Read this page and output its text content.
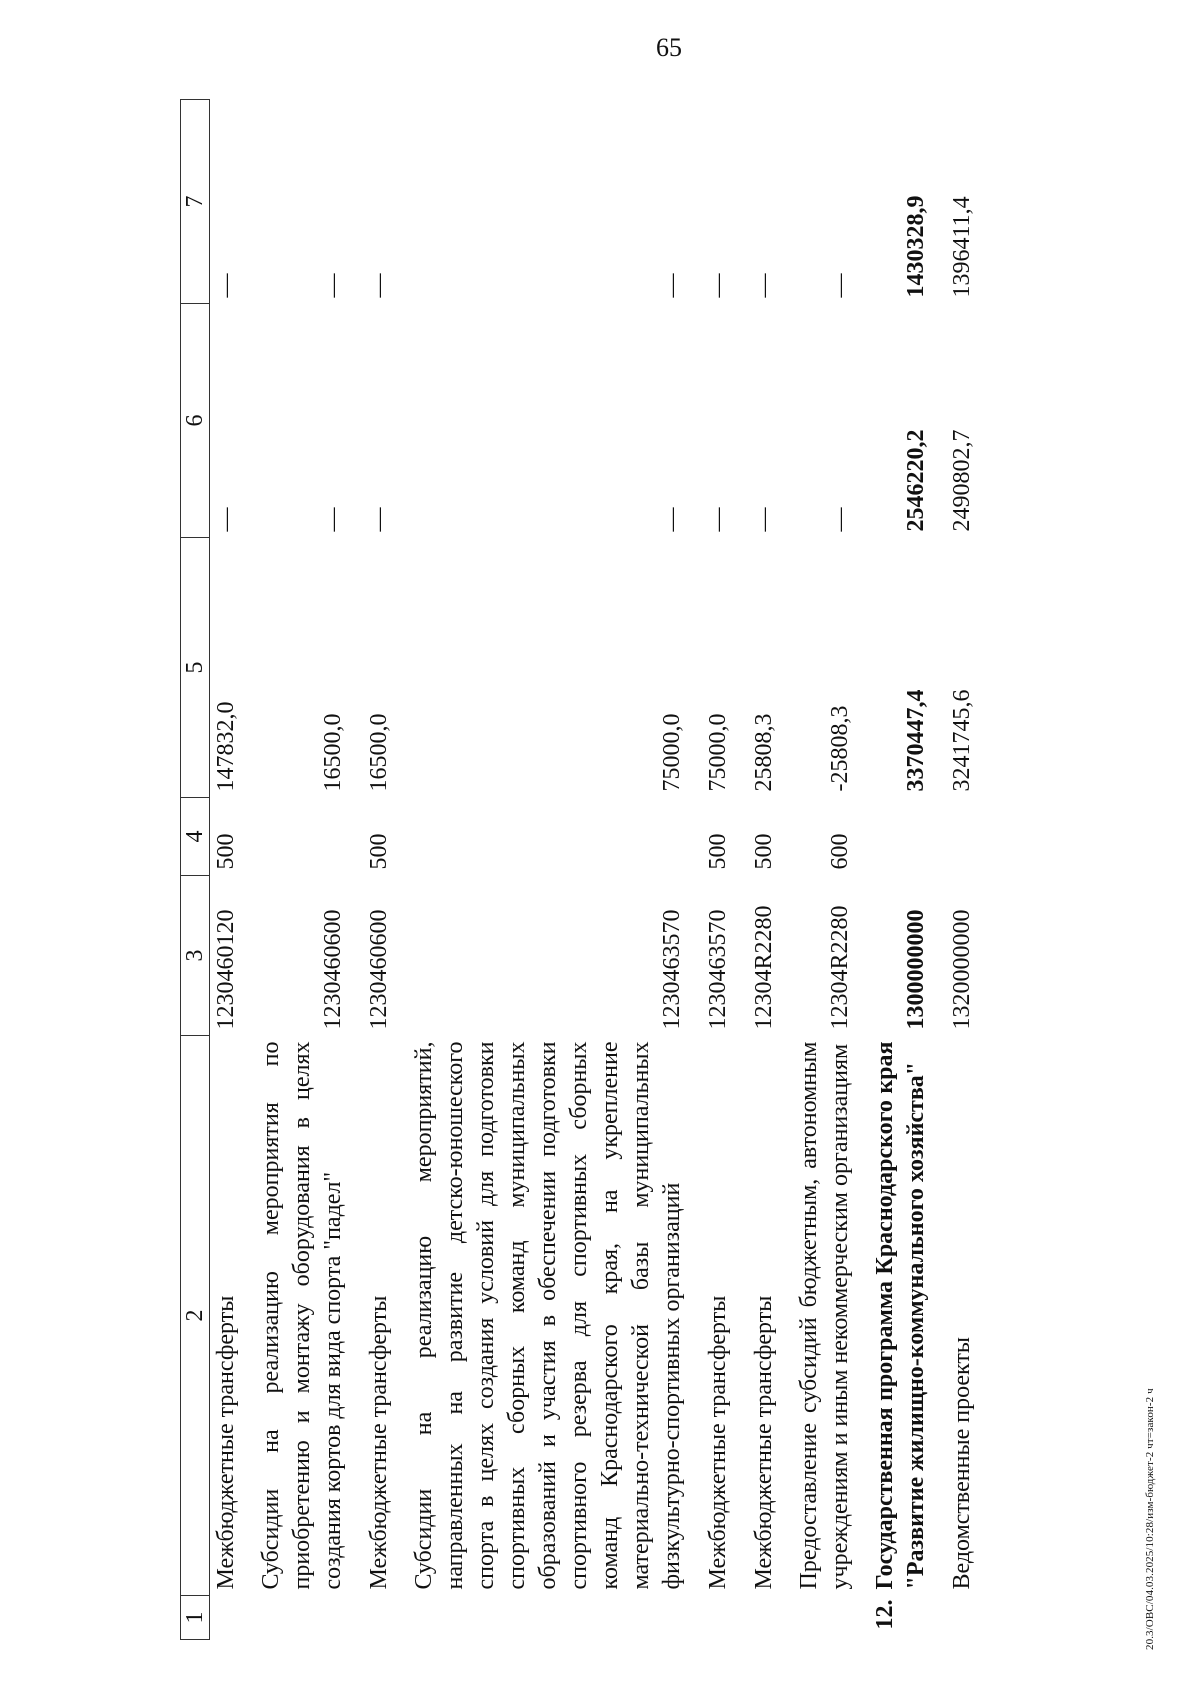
65
20.3/ОВС/04.03.2025/10:28/изм-бюджет-2 чт=закон-2 ч
1	2	3	4	5	6	7
	Межбюджетные трансферты	1230460120	500	147832,0	—	—

	Субсидии на реализацию мероприятия по приобретению и монтажу оборудования в целях создания кортов для вида спорта "падел"	1230460600		16500,0	—	—

	Межбюджетные трансферты	1230460600	500	16500,0	—	—

	Субсидии на реализацию мероприятий, направленных на развитие детско-юношеского спорта в целях создания условий для подготовки спортивных сборных команд муниципальных образований и участия в обеспечении подготовки спортивного резерва для спортивных сборных команд Краснодарского края, на укрепление материально-технической базы муниципальных физкультурно-спортивных организаций	1230463570		75000,0	—	—

	Межбюджетные трансферты	1230463570	500	75000,0	—	—

	Межбюджетные трансферты	12304R2280	500	25808,3	—	—

	Предоставление субсидий бюджетным, автономным учреждениям и иным некоммерческим организациям	12304R2280	600	-25808,3	—	—

	12.Государственная программа Краснодарского края "Развитие жилищно-коммунального хозяйства"	1300000000		3370447,4	2546220,2	1430328,9

	Ведомственные проекты	1320000000		3241745,6	2490802,7	1396411,4
